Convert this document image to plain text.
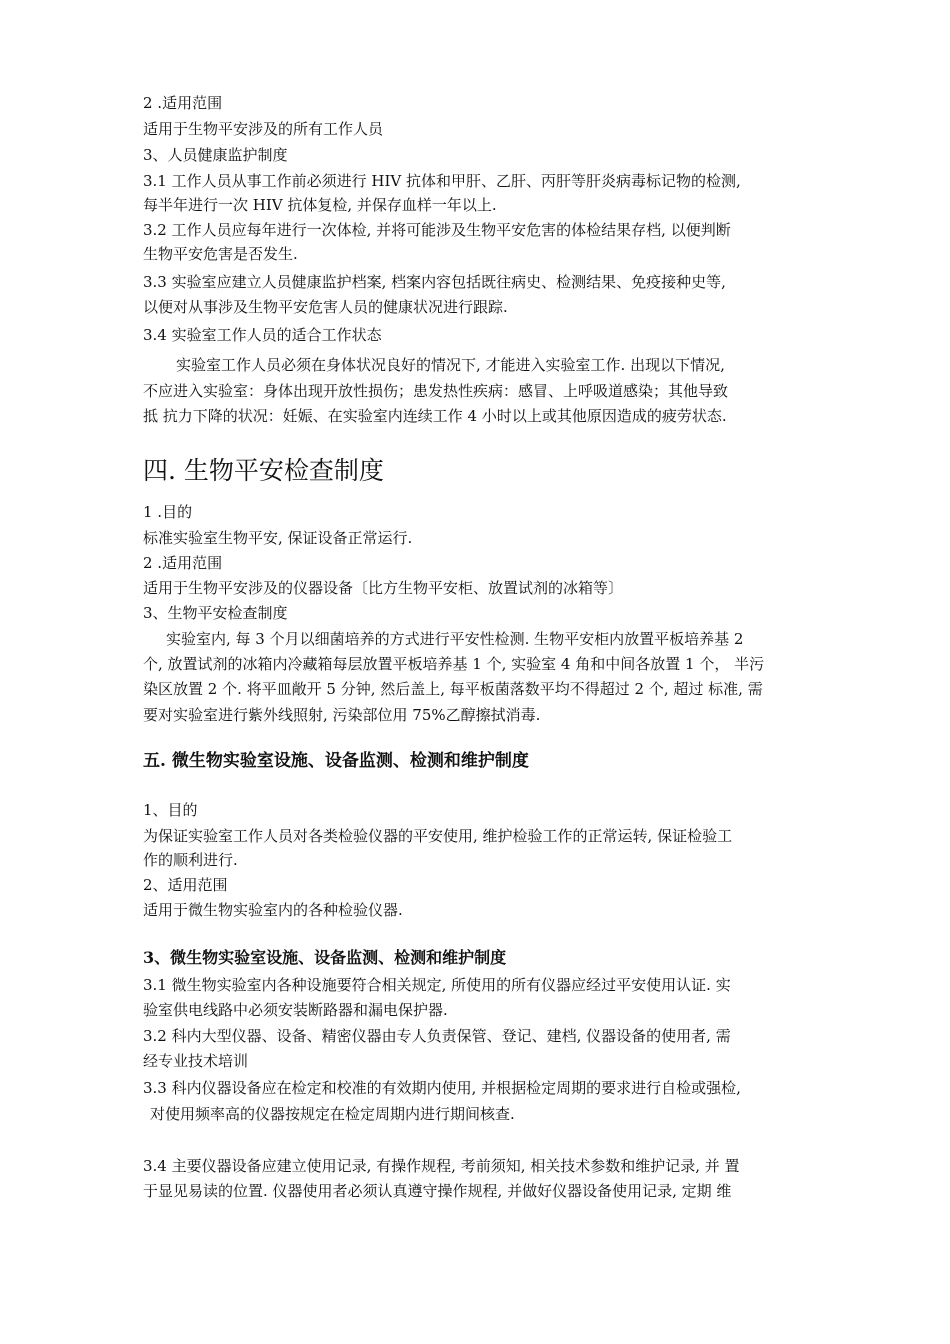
2 .适用范围
适用于生物平安涉及的所有工作人员
3、人员健康监护制度
3.1 工作人员从事工作前必须进行 HIV 抗体和甲肝、乙肝、丙肝等肝炎病毒标记物的检测,
每半年进行一次 HIV 抗体复检, 并保存血样一年以上.
3.2 工作人员应每年进行一次体检, 并将可能涉及生物平安危害的体检结果存档, 以便判断
生物平安危害是否发生.
3.3 实验室应建立人员健康监护档案, 档案内容包括既往病史、检测结果、免疫接种史等,
以便对从事涉及生物平安危害人员的健康状况进行跟踪.
3.4 实验室工作人员的适合工作状态
实验室工作人员必须在身体状况良好的情况下, 才能进入实验室工作. 出现以下情况,
不应进入实验室：身体出现开放性损伤；患发热性疾病：感冒、上呼吸道感染；其他导致
抵 抗力下降的状况：妊娠、在实验室内连续工作 4 小时以上或其他原因造成的疲劳状态.
四. 生物平安检查制度
1 .目的
标准实验室生物平安, 保证设备正常运行.
2 .适用范围
适用于生物平安涉及的仪器设备〔比方生物平安柜、放置试剂的冰箱等〕
3、生物平安检查制度
实验室内, 每 3 个月以细菌培养的方式进行平安性检测. 生物平安柜内放置平板培养基 2
个, 放置试剂的冰箱内冷藏箱每层放置平板培养基 1 个, 实验室 4 角和中间各放置 1 个， 半污
染区放置 2 个. 将平皿敞开 5 分钟, 然后盖上, 每平板菌落数平均不得超过 2 个, 超过 标准, 需
要对实验室进行紫外线照射, 污染部位用 75%乙醇擦拭消毒.
五. 微生物实验室设施、设备监测、检测和维护制度
1、目的
为保证实验室工作人员对各类检验仪器的平安使用, 维护检验工作的正常运转, 保证检验工
作的顺利进行.
2、适用范围
适用于微生物实验室内的各种检验仪器.
3、微生物实验室设施、设备监测、检测和维护制度
3.1 微生物实验室内各种设施要符合相关规定, 所使用的所有仪器应经过平安使用认证. 实
验室供电线路中必须安装断路器和漏电保护器.
3.2 科内大型仪器、设备、精密仪器由专人负责保管、登记、建档, 仪器设备的使用者, 需
经专业技术培训
3.3 科内仪器设备应在检定和校准的有效期内使用, 并根据检定周期的要求进行自检或强检,
对使用频率高的仪器按规定在检定周期内进行期间核查.
3.4 主要仪器设备应建立使用记录, 有操作规程, 考前须知, 相关技术参数和维护记录, 并 置
于显见易读的位置. 仪器使用者必须认真遵守操作规程, 并做好仪器设备使用记录, 定期 维
